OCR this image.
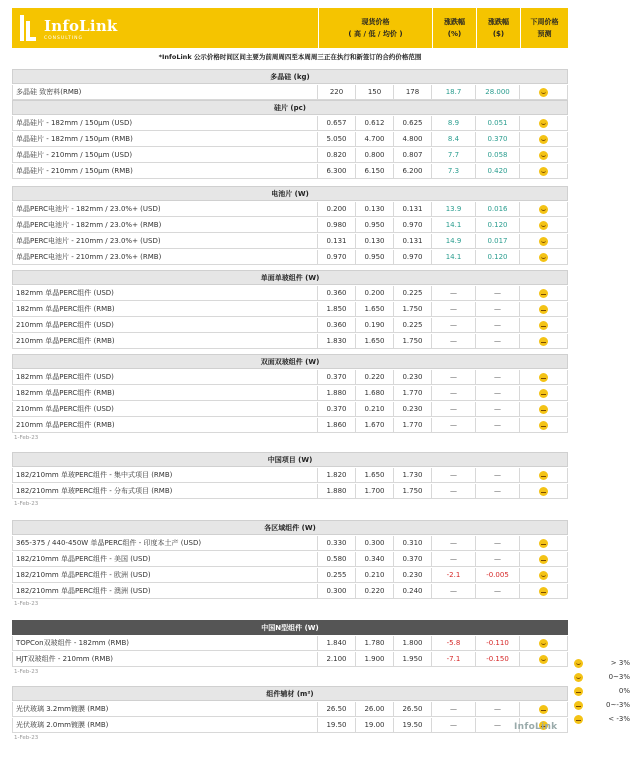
InfoLink
CONSULTING
现货价格
( 高 / 低 / 均价 )
涨跌幅
(%)
涨跌幅
($)
下周价格
预测
*InfoLink 公示价格时间区间主要为前周周四至本周周三正在执行和新签订的合约价格范围
多晶硅 (kg)
多晶硅 致密料(RMB)	220	150	178	18.7	28.000
硅片 (pc)
单晶硅片 - 182mm / 150μm (USD)	0.657	0.612	0.625	8.9	0.051
单晶硅片 - 182mm / 150μm (RMB)	5.050	4.700	4.800	8.4	0.370
单晶硅片 - 210mm / 150μm (USD)	0.820	0.800	0.807	7.7	0.058
单晶硅片 - 210mm / 150μm (RMB)	6.300	6.150	6.200	7.3	0.420
电池片 (W)
单晶PERC电池片 - 182mm / 23.0%+ (USD)	0.200	0.130	0.131	13.9	0.016
单晶PERC电池片 - 182mm / 23.0%+ (RMB)	0.980	0.950	0.970	14.1	0.120
单晶PERC电池片 - 210mm / 23.0%+ (USD)	0.131	0.130	0.131	14.9	0.017
单晶PERC电池片 - 210mm / 23.0%+ (RMB)	0.970	0.950	0.970	14.1	0.120
单面单玻组件 (W)
182mm 单晶PERC组件 (USD)	0.360	0.200	0.225	—	—
182mm 单晶PERC组件 (RMB)	1.850	1.650	1.750	—	—
210mm 单晶PERC组件 (USD)	0.360	0.190	0.225	—	—
210mm 单晶PERC组件 (RMB)	1.830	1.650	1.750	—	—
双面双玻组件 (W)
182mm 单晶PERC组件 (USD)	0.370	0.220	0.230	—	—
182mm 单晶PERC组件 (RMB)	1.880	1.680	1.770	—	—
210mm 单晶PERC组件 (USD)	0.370	0.210	0.230	—	—
210mm 单晶PERC组件 (RMB)	1.860	1.670	1.770	—	—
1-Feb-23
中国项目 (W)
182/210mm 单玻PERC组件 - 集中式项目 (RMB)	1.820	1.650	1.730	—	—
182/210mm 单玻PERC组件 - 分布式项目 (RMB)	1.880	1.700	1.750	—	—
1-Feb-23
各区域组件 (W)
365-375 / 440-450W 单晶PERC组件 - 印度本土产 (USD)	0.330	0.300	0.310	—	—
182/210mm 单晶PERC组件 - 美国 (USD)	0.580	0.340	0.370	—	—
182/210mm 单晶PERC组件 - 欧洲 (USD)	0.255	0.210	0.230	-2.1	-0.005
182/210mm 单晶PERC组件 - 澳洲 (USD)	0.300	0.220	0.240	—	—
1-Feb-23
中国N型组件 (W)
TOPCon双玻组件 - 182mm (RMB)	1.840	1.780	1.800	-5.8	-0.110
HJT双玻组件 - 210mm (RMB)	2.100	1.900	1.950	-7.1	-0.150
1-Feb-23
组件辅材 (m²)
光伏玻璃 3.2mm镀膜 (RMB)	26.50	26.00	26.50	—	—
光伏玻璃 2.0mm镀膜 (RMB)	19.50	19.00	19.50	—	—
1-Feb-23
> 3%
0~3%
0%
0~-3%
< -3%
InfoLink
